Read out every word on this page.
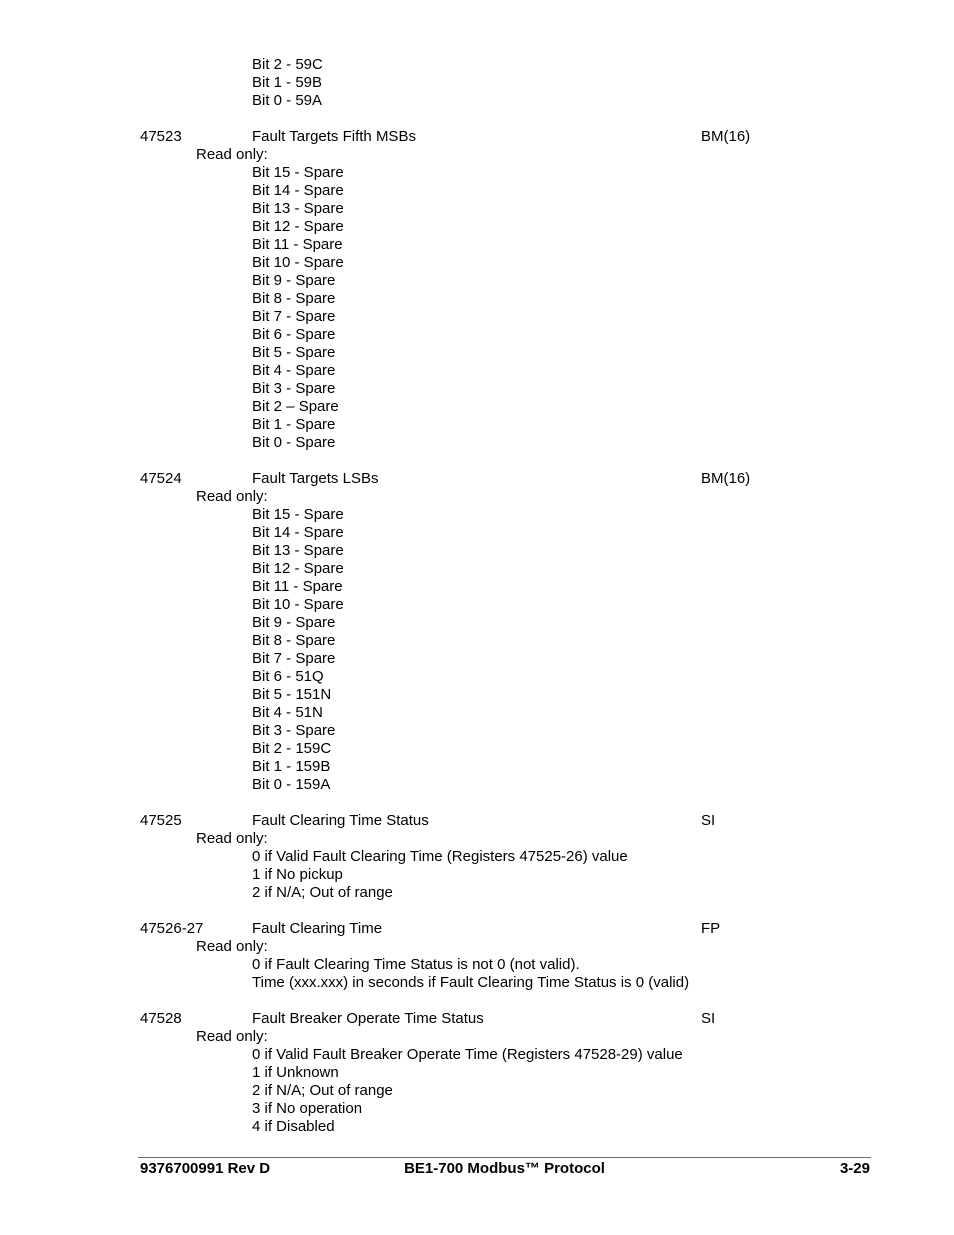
Bit 2 - 59C
Bit 1 - 59B
Bit 0 - 59A
47523	Fault Targets Fifth MSBs	BM(16)
Read only:
Bit 15 - Spare
Bit 14 - Spare
Bit 13 - Spare
Bit 12 - Spare
Bit 11 - Spare
Bit 10 - Spare
Bit 9 - Spare
Bit 8 - Spare
Bit 7 - Spare
Bit 6 - Spare
Bit 5 - Spare
Bit 4 - Spare
Bit 3 - Spare
Bit 2 – Spare
Bit 1 - Spare
Bit 0 - Spare
47524	Fault Targets LSBs	BM(16)
Read only:
Bit 15 - Spare
Bit 14 - Spare
Bit 13 - Spare
Bit 12 - Spare
Bit 11 - Spare
Bit 10 - Spare
Bit 9 - Spare
Bit 8 - Spare
Bit 7 - Spare
Bit 6 - 51Q
Bit 5 - 151N
Bit 4 - 51N
Bit 3 - Spare
Bit 2 - 159C
Bit 1 - 159B
Bit 0 - 159A
47525	Fault Clearing Time Status	SI
Read only:
0 if Valid Fault Clearing Time (Registers 47525-26) value
1 if No pickup
2 if N/A; Out of range
47526-27	Fault Clearing Time	FP
Read only:
0 if Fault Clearing Time Status is not 0 (not valid).
Time (xxx.xxx) in seconds if Fault Clearing Time Status is 0 (valid)
47528	Fault Breaker Operate Time Status	SI
Read only:
0 if Valid Fault Breaker Operate Time (Registers 47528-29) value
1 if Unknown
2 if N/A; Out of range
3 if No operation
4 if Disabled
9376700991 Rev D	BE1-700 Modbus™ Protocol	3-29
